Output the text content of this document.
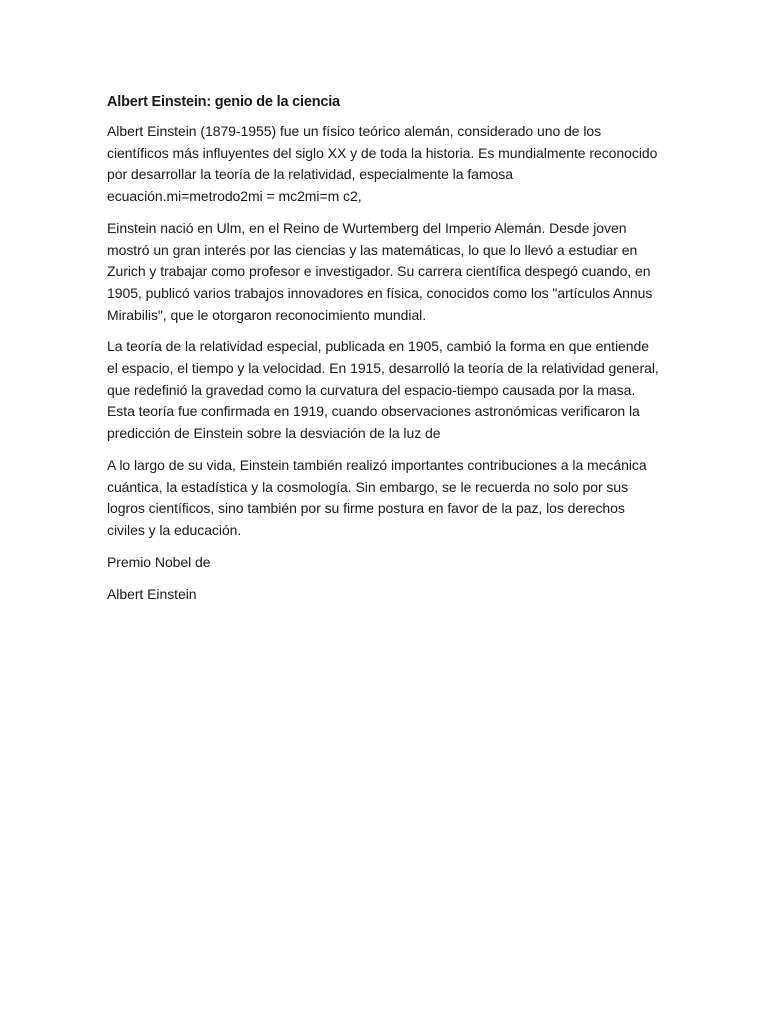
Albert Einstein: genio de la ciencia

Albert Einstein (1879-1955) fue un físico teórico alemán, considerado uno de los científicos más influyentes del siglo XX y de toda la historia. Es mundialmente reconocido por desarrollar la teoría de la relatividad, especialmente la famosa ecuación.mi=metrodo2mi = mc2mi=m c2,

Einstein nació en Ulm, en el Reino de Wurtemberg del Imperio Alemán. Desde joven mostró un gran interés por las ciencias y las matemáticas, lo que lo llevó a estudiar en Zurich y trabajar como profesor e investigador. Su carrera científica despegó cuando, en 1905, publicó varios trabajos innovadores en física, conocidos como los "artículos Annus Mirabilis", que le otorgaron reconocimiento mundial.

La teoría de la relatividad especial, publicada en 1905, cambió la forma en que entiende el espacio, el tiempo y la velocidad. En 1915, desarrolló la teoría de la relatividad general, que redefinió la gravedad como la curvatura del espacio-tiempo causada por la masa. Esta teoría fue confirmada en 1919, cuando observaciones astronómicas verificaron la predicción de Einstein sobre la desviación de la luz de

A lo largo de su vida, Einstein también realizó importantes contribuciones a la mecánica cuántica, la estadística y la cosmología. Sin embargo, se le recuerda no solo por sus logros científicos, sino también por su firme postura en favor de la paz, los derechos civiles y la educación.

Premio Nobel de

Albert Einstein
